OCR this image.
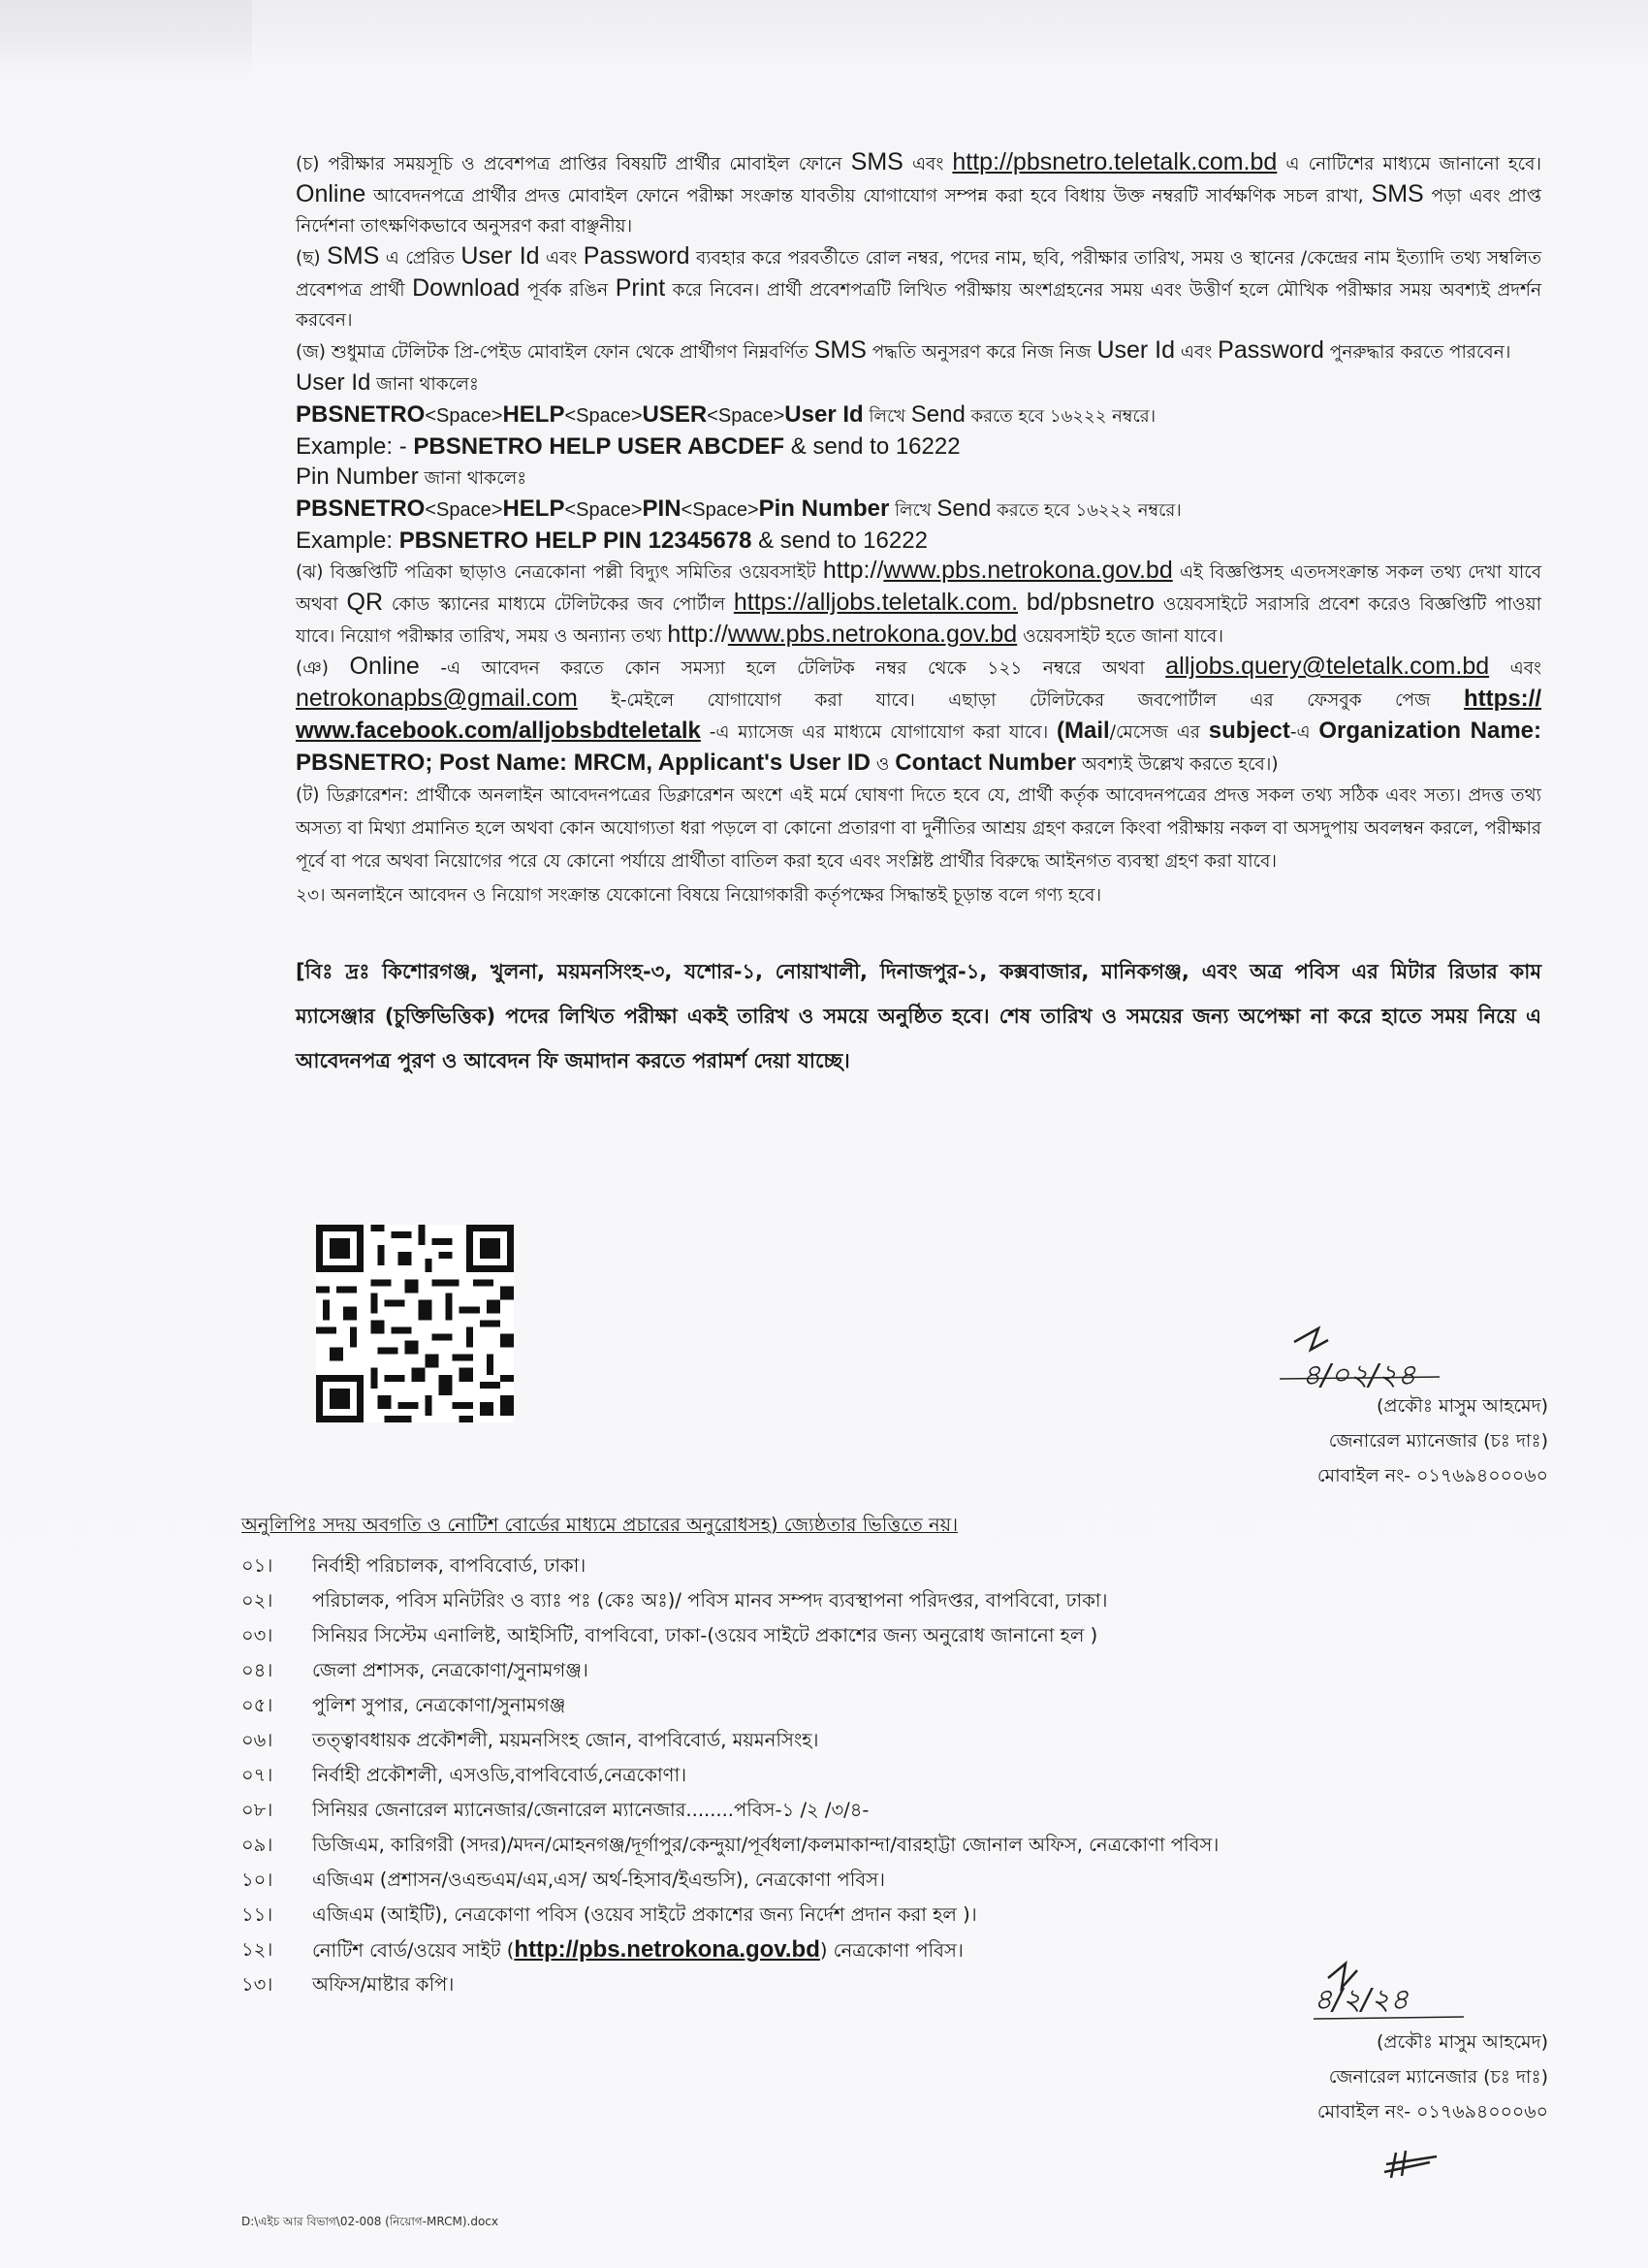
(চ) পরীক্ষার সময়সূচি ও প্রবেশপত্র প্রাপ্তির বিষয়টি প্রার্থীর মোবাইল ফোনে SMS এবং http://pbsnetro.teletalk.com.bd এ নোটিশের মাধ্যমে জানানো হবে। Online আবেদনপত্রে প্রার্থীর প্রদত্ত মোবাইল ফোনে পরীক্ষা সংক্রান্ত যাবতীয় যোগাযোগ সম্পন্ন করা হবে বিধায় উক্ত নম্বরটি সার্বক্ষণিক সচল রাখা, SMS পড়া এবং প্রাপ্ত নির্দেশনা তাৎক্ষণিকভাবে অনুসরণ করা বাঞ্ছনীয়।

(ছ) SMS এ প্রেরিত User Id এবং Password ব্যবহার করে পরবর্তীতে রোল নম্বর, পদের নাম, ছবি, পরীক্ষার তারিখ, সময় ও স্থানের /কেন্দ্রের নাম ইত্যাদি তথ্য সম্বলিত প্রবেশপত্র প্রার্থী Download পূর্বক রঙিন Print করে নিবেন। প্রার্থী প্রবেশপত্রটি লিখিত পরীক্ষায় অংশগ্রহনের সময় এবং উত্তীর্ণ হলে মৌখিক পরীক্ষার সময় অবশ্যই প্রদর্শন করবেন।

(জ) শুধুমাত্র টেলিটক প্রি-পেইড মোবাইল ফোন থেকে প্রার্থীগণ নিম্নবর্ণিত SMS পদ্ধতি অনুসরণ করে নিজ নিজ User Id এবং Password পুনরুদ্ধার করতে পারবেন।

User Id জানা থাকলেঃ

PBSNETRO<Space>HELP<Space>USER<Space>User Id লিখে Send করতে হবে ১৬২২২ নম্বরে।

Example: - PBSNETRO HELP USER ABCDEF & send to 16222

Pin Number জানা থাকলেঃ

PBSNETRO<Space>HELP<Space>PIN<Space>Pin Number লিখে Send করতে হবে ১৬২২২ নম্বরে।

Example: PBSNETRO HELP PIN 12345678 & send to 16222

(ঝ) বিজ্ঞপ্তিটি পত্রিকা ছাড়াও নেত্রকোনা পল্লী বিদ্যুৎ সমিতির ওয়েবসাইট http://www.pbs.netrokona.gov.bd এই বিজ্ঞপ্তিসহ এতদসংক্রান্ত সকল তথ্য দেখা যাবে অথবা QR কোড স্ক্যানের মাধ্যমে টেলিটকের জব পোর্টাল https://alljobs.teletalk.com. bd/pbsnetro ওয়েবসাইটে সরাসরি প্রবেশ করেও বিজ্ঞপ্তিটি পাওয়া যাবে। নিয়োগ পরীক্ষার তারিখ, সময় ও অন্যান্য তথ্য http://www.pbs.netrokona.gov.bd ওয়েবসাইট হতে জানা যাবে।

(ঞ) Online -এ আবেদন করতে কোন সমস্যা হলে টেলিটক নম্বর থেকে ১২১ নম্বরে অথবা alljobs.query@teletalk.com.bd এবং netrokonapbs@gmail.com ই-মেইলে যোগাযোগ করা যাবে। এছাড়া টেলিটকের জবপোর্টাল এর ফেসবুক পেজ https:// www.facebook.com/alljobsbdteletalk -এ ম্যাসেজ এর মাধ্যমে যোগাযোগ করা যাবে। (Mail/মেসেজ এর subject-এ Organization Name: PBSNETRO; Post Name: MRCM, Applicant's User ID ও Contact Number অবশ্যই উল্লেখ করতে হবে।)

(ট) ডিক্লারেশন: প্রার্থীকে অনলাইন আবেদনপত্রের ডিক্লারেশন অংশে এই মর্মে ঘোষণা দিতে হবে যে, প্রার্থী কর্তৃক আবেদনপত্রের প্রদত্ত সকল তথ্য সঠিক এবং সত্য। প্রদত্ত তথ্য অসত্য বা মিথ্যা প্রমানিত হলে অথবা কোন অযোগ্যতা ধরা পড়লে বা কোনো প্রতারণা বা দুর্নীতির আশ্রয় গ্রহণ করলে কিংবা পরীক্ষায় নকল বা অসদুপায় অবলম্বন করলে, পরীক্ষার পূর্বে বা পরে অথবা নিয়োগের পরে যে কোনো পর্যায়ে প্রার্থীতা বাতিল করা হবে এবং সংশ্লিষ্ট প্রার্থীর বিরুদ্ধে আইনগত ব্যবস্থা গ্রহণ করা যাবে।

২৩। অনলাইনে আবেদন ও নিয়োগ সংক্রান্ত যেকোনো বিষয়ে নিয়োগকারী কর্তৃপক্ষের সিদ্ধান্তই চূড়ান্ত বলে গণ্য হবে।

[বিঃ দ্রঃ কিশোরগঞ্জ, খুলনা, ময়মনসিংহ-৩, যশোর-১, নোয়াখালী, দিনাজপুর-১, কক্সবাজার, মানিকগঞ্জ, এবং অত্র পবিস এর মিটার রিডার কাম ম্যাসেঞ্জার (চুক্তিভিত্তিক) পদের লিখিত পরীক্ষা একই তারিখ ও সময়ে অনুষ্ঠিত হবে। শেষ তারিখ ও সময়ের জন্য অপেক্ষা না করে হাতে সময় নিয়ে এ আবেদনপত্র পুরণ ও আবেদন ফি জমাদান করতে পরামর্শ দেয়া যাচ্ছে।

৪/০২/২৪
(প্রকৌঃ মাসুম আহমেদ)
জেনারেল ম্যানেজার (চঃ দাঃ)
মোবাইল নং- ০১৭৬৯৪০০০৬০
অনুলিপিঃ সদয় অবগতি ও নোটিশ বোর্ডের মাধ্যমে প্রচারের অনুরোধসহ) জ্যেষ্ঠতার ভিত্তিতে নয়।
০১।	নির্বাহী পরিচালক, বাপবিবোর্ড, ঢাকা।
০২।	পরিচালক, পবিস মনিটরিং ও ব্যাঃ পঃ (কেঃ অঃ)/ পবিস মানব সম্পদ ব্যবস্থাপনা পরিদপ্তর, বাপবিবো, ঢাকা।
০৩।	সিনিয়র সিস্টেম এনালিষ্ট, আইসিটি, বাপবিবো, ঢাকা-(ওয়েব সাইটে প্রকাশের জন্য অনুরোধ জানানো হল )
০৪।	জেলা প্রশাসক, নেত্রকোণা/সুনামগঞ্জ।
০৫।	পুলিশ সুপার, নেত্রকোণা/সুনামগঞ্জ
০৬।	তত্ত্বাবধায়ক প্রকৌশলী, ময়মনসিংহ জোন, বাপবিবোর্ড, ময়মনসিংহ।
০৭।	নির্বাহী প্রকৌশলী, এসওডি,বাপবিবোর্ড,নেত্রকোণা।
০৮।	সিনিয়র জেনারেল ম্যানেজার/জেনারেল ম্যানেজার........পবিস-১ /২ /৩/৪-
০৯।	ডিজিএম, কারিগরী (সদর)/মদন/মোহনগঞ্জ/দূর্গাপুর/কেন্দুয়া/পূর্বধলা/কলমাকান্দা/বারহাট্টা জোনাল অফিস, নেত্রকোণা পবিস।
১০।	এজিএম (প্রশাসন/ওএন্ডএম/এম,এস/ অর্থ-হিসাব/ইএন্ডসি), নেত্রকোণা পবিস।
১১।	এজিএম (আইটি), নেত্রকোণা পবিস (ওয়েব সাইটে প্রকাশের জন্য নির্দেশ প্রদান করা হল )।
১২।	নোটিশ বোর্ড/ওয়েব সাইট (http://pbs.netrokona.gov.bd) নেত্রকোণা পবিস।
১৩।	অফিস/মাষ্টার কপি।	৪/২/২৪
(প্রকৌঃ মাসুম আহমেদ)
জেনারেল ম্যানেজার (চঃ দাঃ)
মোবাইল নং- ০১৭৬৯৪০০০৬০
D:\এইচ আর বিভাগ\02-008 (নিয়োগ-MRCM).docx
